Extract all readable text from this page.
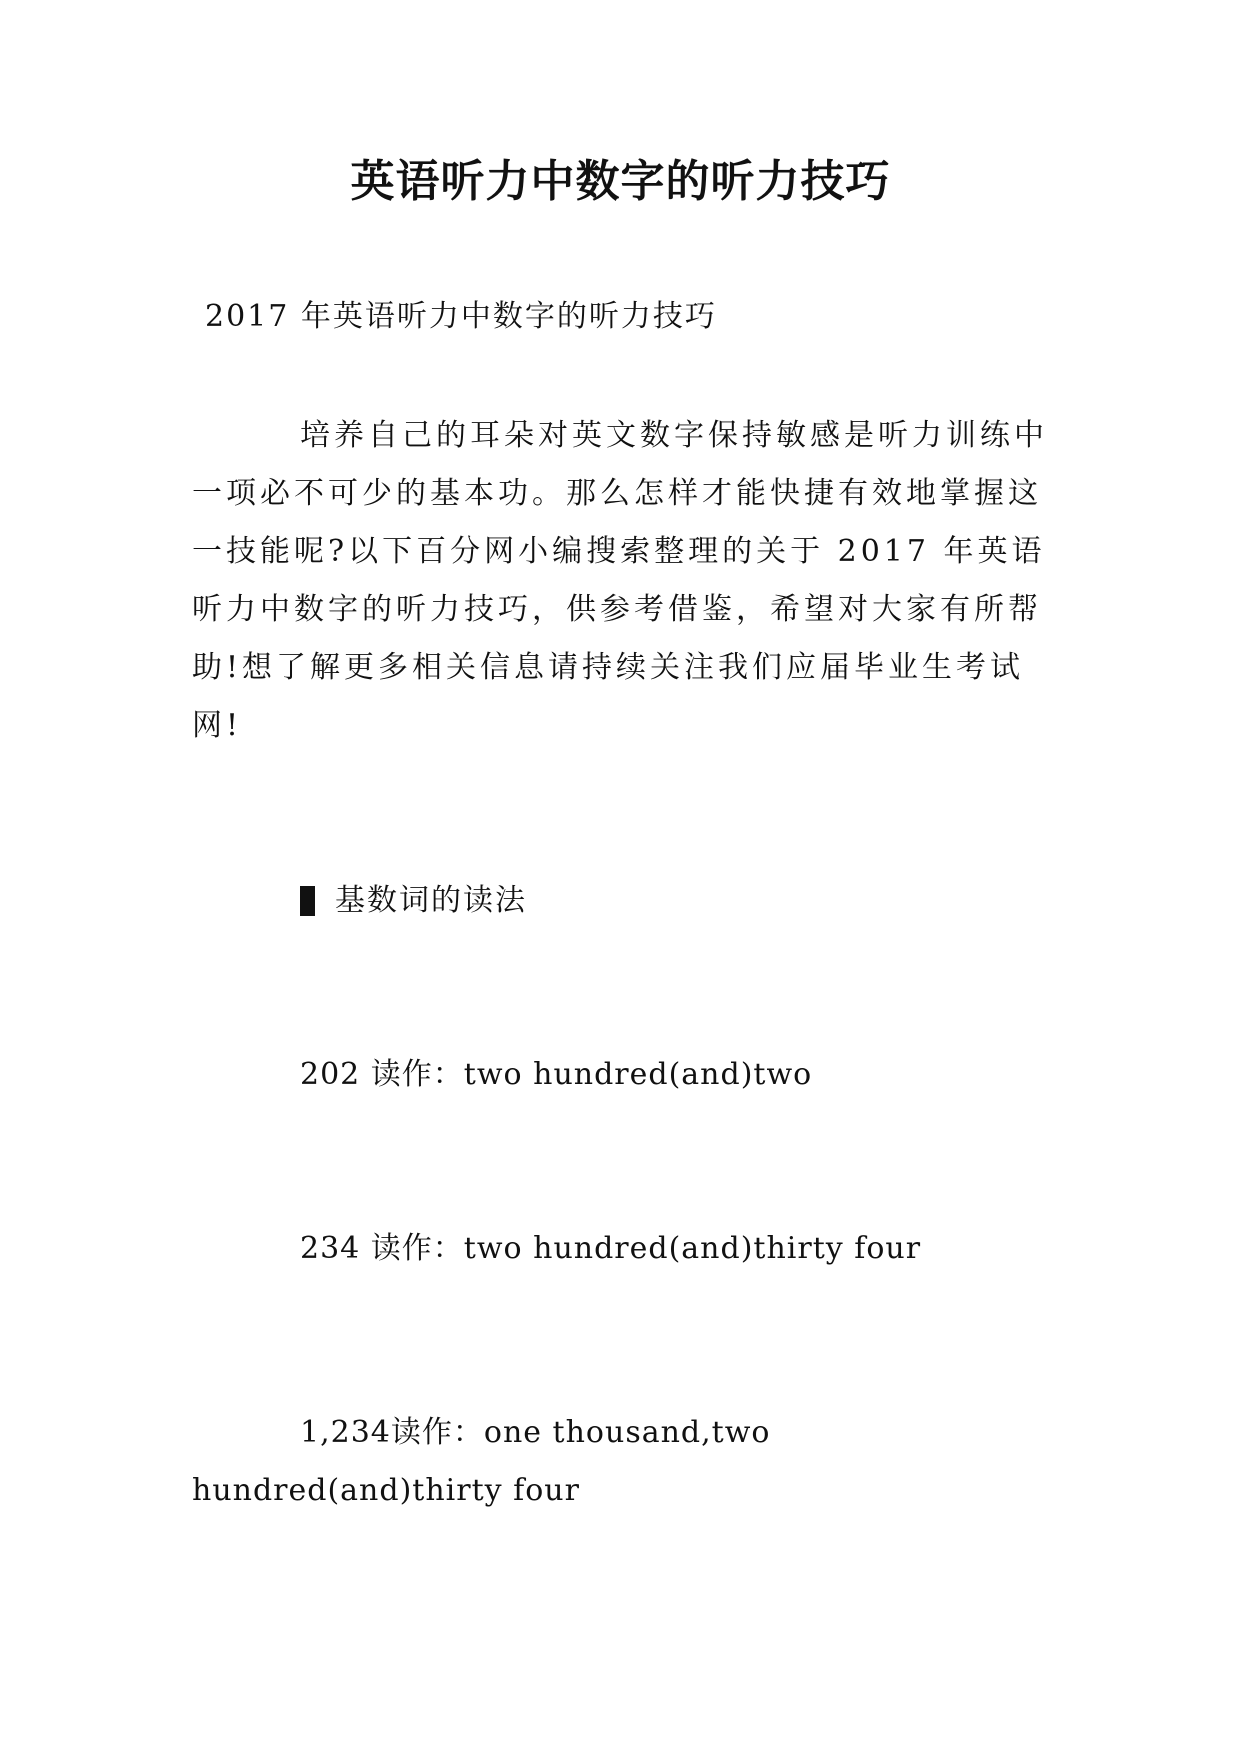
英语听力中数字的听力技巧
2017 年英语听力中数字的听力技巧
培养自己的耳朵对英文数字保持敏感是听力训练中一项必不可少的基本功。那么怎样才能快捷有效地掌握这一技能呢?以下百分网小编搜索整理的关于 2017 年英语听力中数字的听力技巧，供参考借鉴，希望对大家有所帮助!想了解更多相关信息请持续关注我们应届毕业生考试网!
基数词的读法
202 读作：two hundred(and)two
234 读作：two hundred(and)thirty four
1,234读作：one thousand,two hundred(and)thirty four
